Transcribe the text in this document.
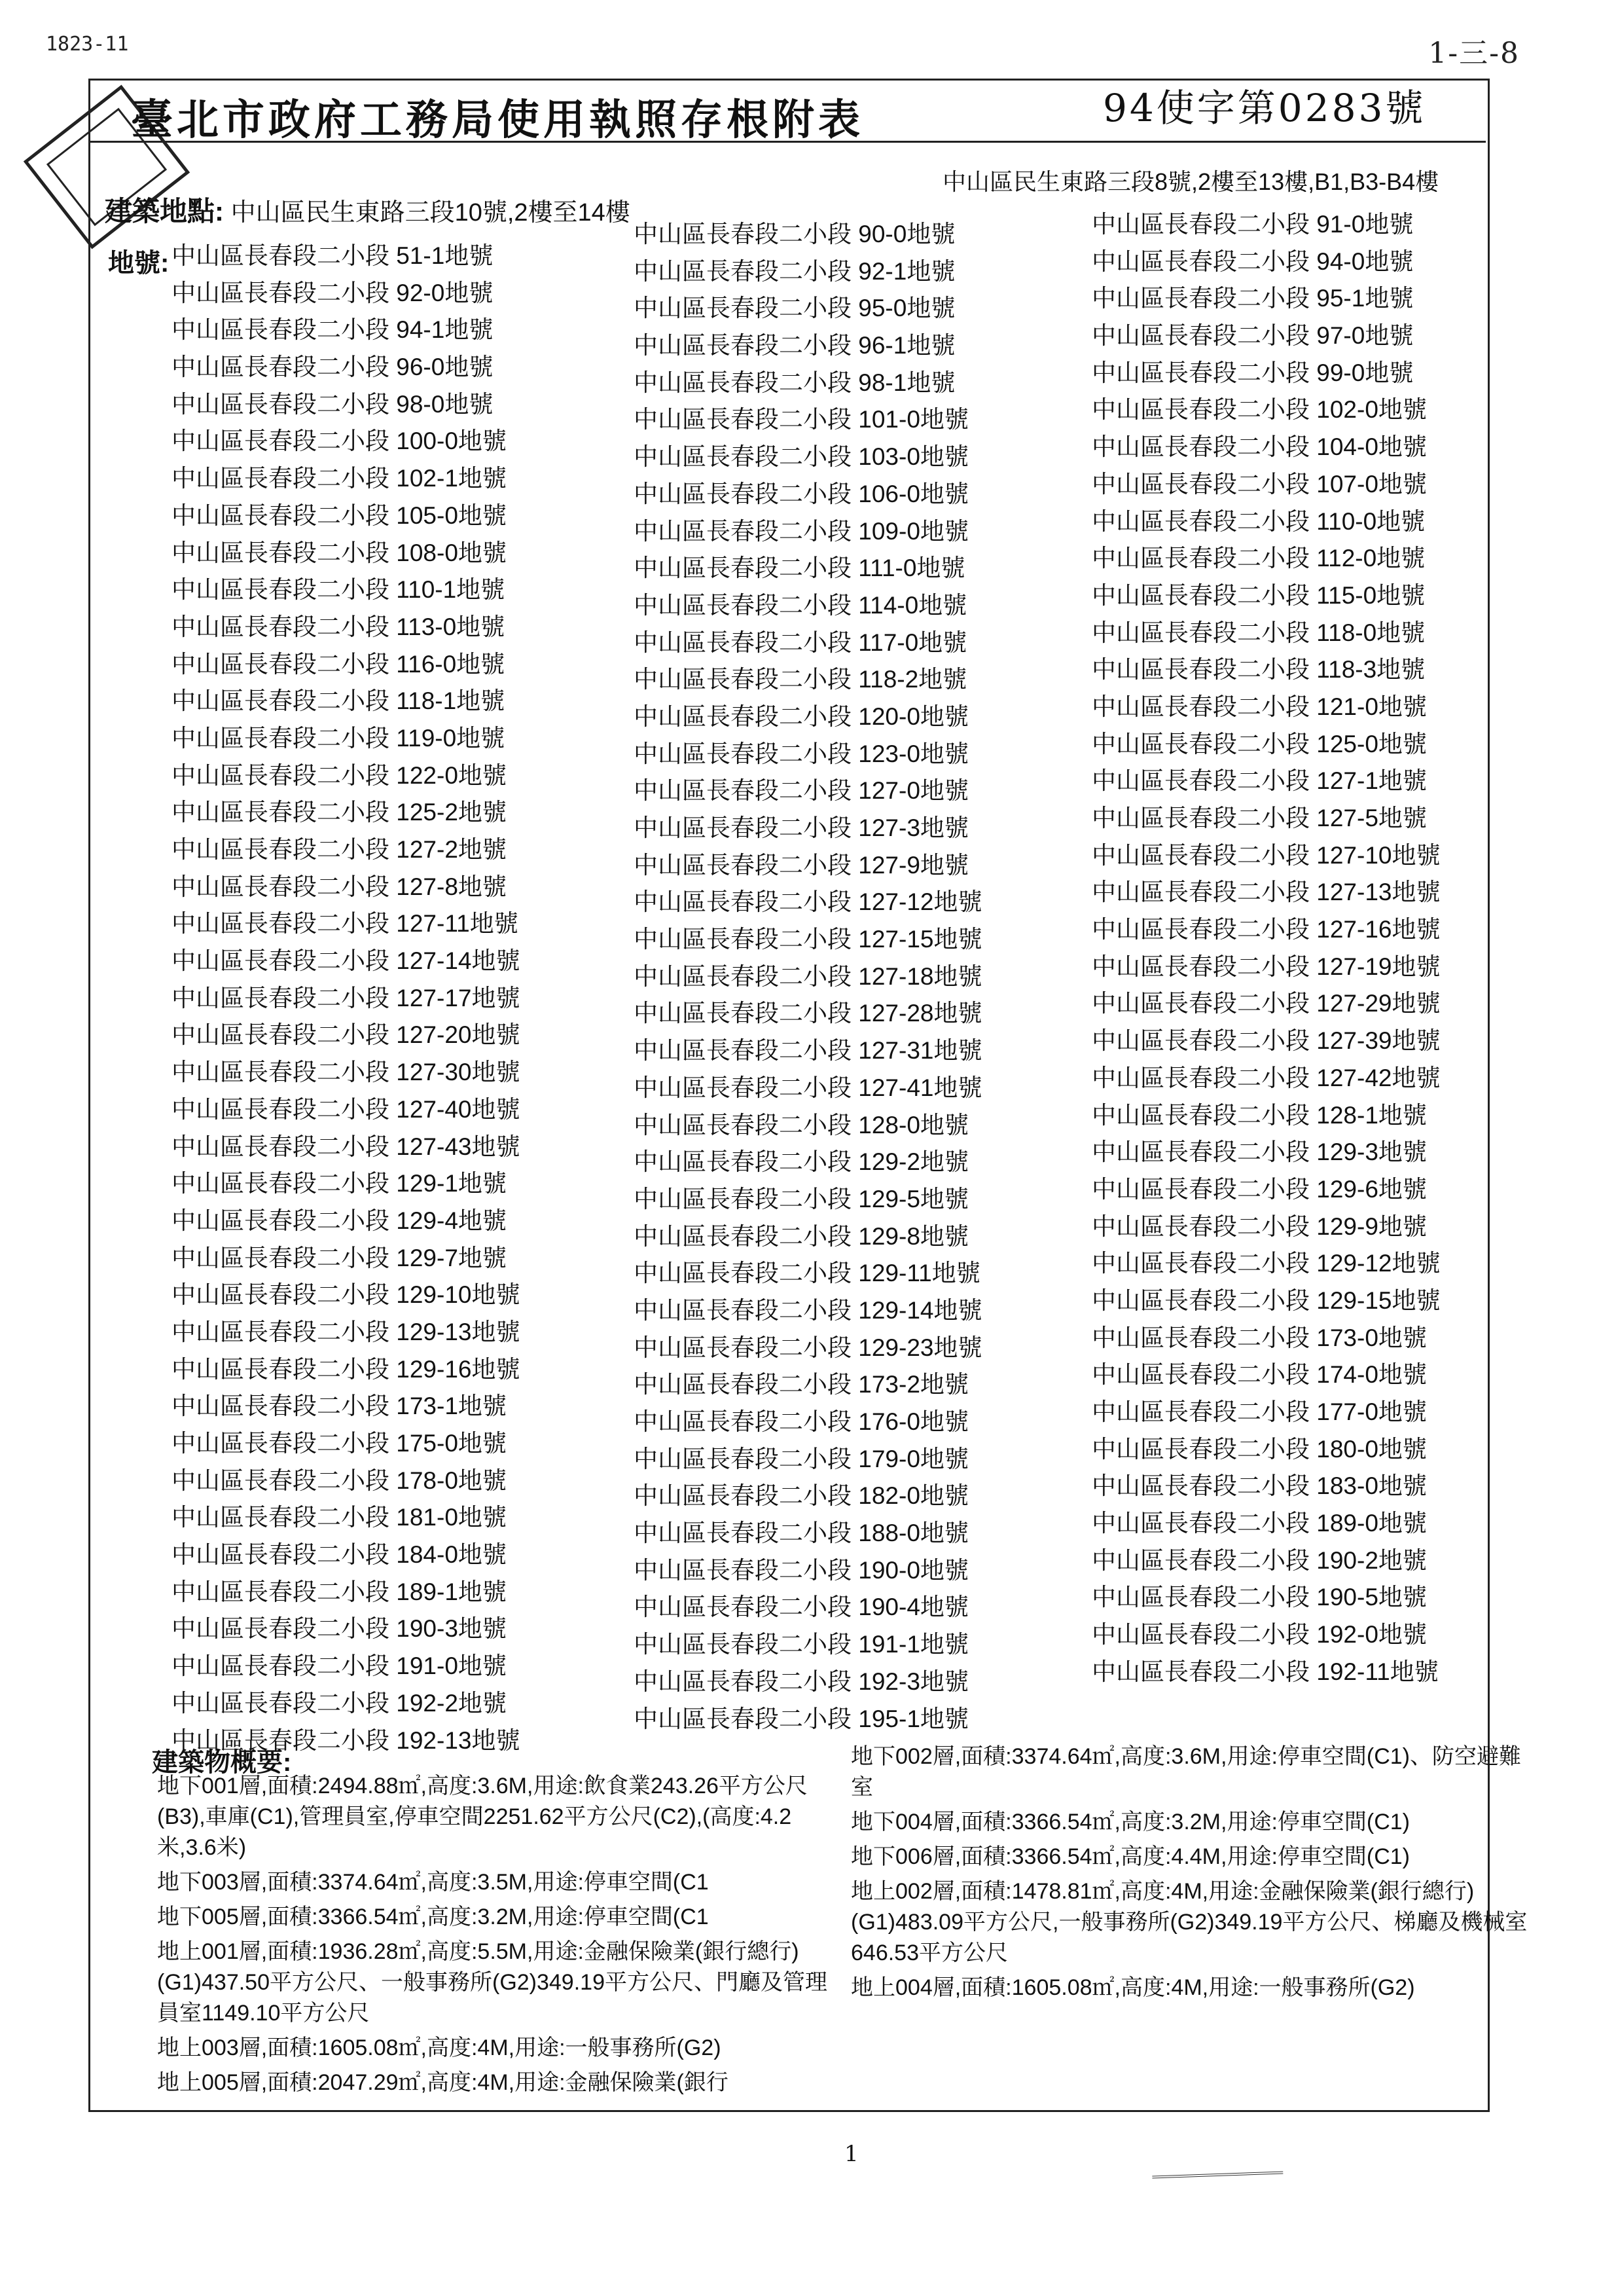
1823-11	1-三-8
臺北市政府工務局使用執照存根附表	94使字第0283號
中山區民生東路三段8號,2樓至13樓,B1,B3-B4樓
建築地點: 中山區民生東路三段10號,2樓至14樓
地號: 中山區長春段二小段 51-1地號
中山區長春段二小段 92-0地號
中山區長春段二小段 94-1地號
中山區長春段二小段 96-0地號
中山區長春段二小段 98-0地號
中山區長春段二小段 100-0地號
中山區長春段二小段 102-1地號
中山區長春段二小段 105-0地號
中山區長春段二小段 108-0地號
中山區長春段二小段 110-1地號
中山區長春段二小段 113-0地號
中山區長春段二小段 116-0地號
中山區長春段二小段 118-1地號
中山區長春段二小段 119-0地號
中山區長春段二小段 122-0地號
中山區長春段二小段 125-2地號
中山區長春段二小段 127-2地號
中山區長春段二小段 127-8地號
中山區長春段二小段 127-11地號
中山區長春段二小段 127-14地號
中山區長春段二小段 127-17地號
中山區長春段二小段 127-20地號
中山區長春段二小段 127-30地號
中山區長春段二小段 127-40地號
中山區長春段二小段 127-43地號
中山區長春段二小段 129-1地號
中山區長春段二小段 129-4地號
中山區長春段二小段 129-7地號
中山區長春段二小段 129-10地號
中山區長春段二小段 129-13地號
中山區長春段二小段 129-16地號
中山區長春段二小段 173-1地號
中山區長春段二小段 175-0地號
中山區長春段二小段 178-0地號
中山區長春段二小段 181-0地號
中山區長春段二小段 184-0地號
中山區長春段二小段 189-1地號
中山區長春段二小段 190-3地號
中山區長春段二小段 191-0地號
中山區長春段二小段 192-2地號
中山區長春段二小段 192-13地號
中山區長春段二小段 90-0地號
中山區長春段二小段 92-1地號
中山區長春段二小段 95-0地號
中山區長春段二小段 96-1地號
中山區長春段二小段 98-1地號
中山區長春段二小段 101-0地號
中山區長春段二小段 103-0地號
中山區長春段二小段 106-0地號
中山區長春段二小段 109-0地號
中山區長春段二小段 111-0地號
中山區長春段二小段 114-0地號
中山區長春段二小段 117-0地號
中山區長春段二小段 118-2地號
中山區長春段二小段 120-0地號
中山區長春段二小段 123-0地號
中山區長春段二小段 127-0地號
中山區長春段二小段 127-3地號
中山區長春段二小段 127-9地號
中山區長春段二小段 127-12地號
中山區長春段二小段 127-15地號
中山區長春段二小段 127-18地號
中山區長春段二小段 127-28地號
中山區長春段二小段 127-31地號
中山區長春段二小段 127-41地號
中山區長春段二小段 128-0地號
中山區長春段二小段 129-2地號
中山區長春段二小段 129-5地號
中山區長春段二小段 129-8地號
中山區長春段二小段 129-11地號
中山區長春段二小段 129-14地號
中山區長春段二小段 129-23地號
中山區長春段二小段 173-2地號
中山區長春段二小段 176-0地號
中山區長春段二小段 179-0地號
中山區長春段二小段 182-0地號
中山區長春段二小段 188-0地號
中山區長春段二小段 190-0地號
中山區長春段二小段 190-4地號
中山區長春段二小段 191-1地號
中山區長春段二小段 192-3地號
中山區長春段二小段 195-1地號
中山區長春段二小段 91-0地號
中山區長春段二小段 94-0地號
中山區長春段二小段 95-1地號
中山區長春段二小段 97-0地號
中山區長春段二小段 99-0地號
中山區長春段二小段 102-0地號
中山區長春段二小段 104-0地號
中山區長春段二小段 107-0地號
中山區長春段二小段 110-0地號
中山區長春段二小段 112-0地號
中山區長春段二小段 115-0地號
中山區長春段二小段 118-0地號
中山區長春段二小段 118-3地號
中山區長春段二小段 121-0地號
中山區長春段二小段 125-0地號
中山區長春段二小段 127-1地號
中山區長春段二小段 127-5地號
中山區長春段二小段 127-10地號
中山區長春段二小段 127-13地號
中山區長春段二小段 127-16地號
中山區長春段二小段 127-19地號
中山區長春段二小段 127-29地號
中山區長春段二小段 127-39地號
中山區長春段二小段 127-42地號
中山區長春段二小段 128-1地號
中山區長春段二小段 129-3地號
中山區長春段二小段 129-6地號
中山區長春段二小段 129-9地號
中山區長春段二小段 129-12地號
中山區長春段二小段 129-15地號
中山區長春段二小段 173-0地號
中山區長春段二小段 174-0地號
中山區長春段二小段 177-0地號
中山區長春段二小段 180-0地號
中山區長春段二小段 183-0地號
中山區長春段二小段 189-0地號
中山區長春段二小段 190-2地號
中山區長春段二小段 190-5地號
中山區長春段二小段 192-0地號
中山區長春段二小段 192-11地號
建築物概要:
地下001層,面積:2494.88㎡,高度:3.6M,用途:飲食業243.26平方公尺(B3),車庫(C1),管理員室,停車空間2251.62平方公尺(C2),(高度:4.2米,3.6米)
地下003層,面積:3374.64㎡,高度:3.5M,用途:停車空間(C1
地下005層,面積:3366.54㎡,高度:3.2M,用途:停車空間(C1
地上001層,面積:1936.28㎡,高度:5.5M,用途:金融保險業(銀行總行)(G1)437.50平方公尺、一般事務所(G2)349.19平方公尺、門廳及管理員室1149.10平方公尺
地上003層,面積:1605.08㎡,高度:4M,用途:一般事務所(G2)
地上005層,面積:2047.29㎡,高度:4M,用途:金融保險業(銀行
地下002層,面積:3374.64㎡,高度:3.6M,用途:停車空間(C1)、防空避難室
地下004層,面積:3366.54㎡,高度:3.2M,用途:停車空間(C1)
地下006層,面積:3366.54㎡,高度:4.4M,用途:停車空間(C1)
地上002層,面積:1478.81㎡,高度:4M,用途:金融保險業(銀行總行)(G1)483.09平方公尺,一般事務所(G2)349.19平方公尺、梯廳及機械室646.53平方公尺
地上004層,面積:1605.08㎡,高度:4M,用途:一般事務所(G2)
1
